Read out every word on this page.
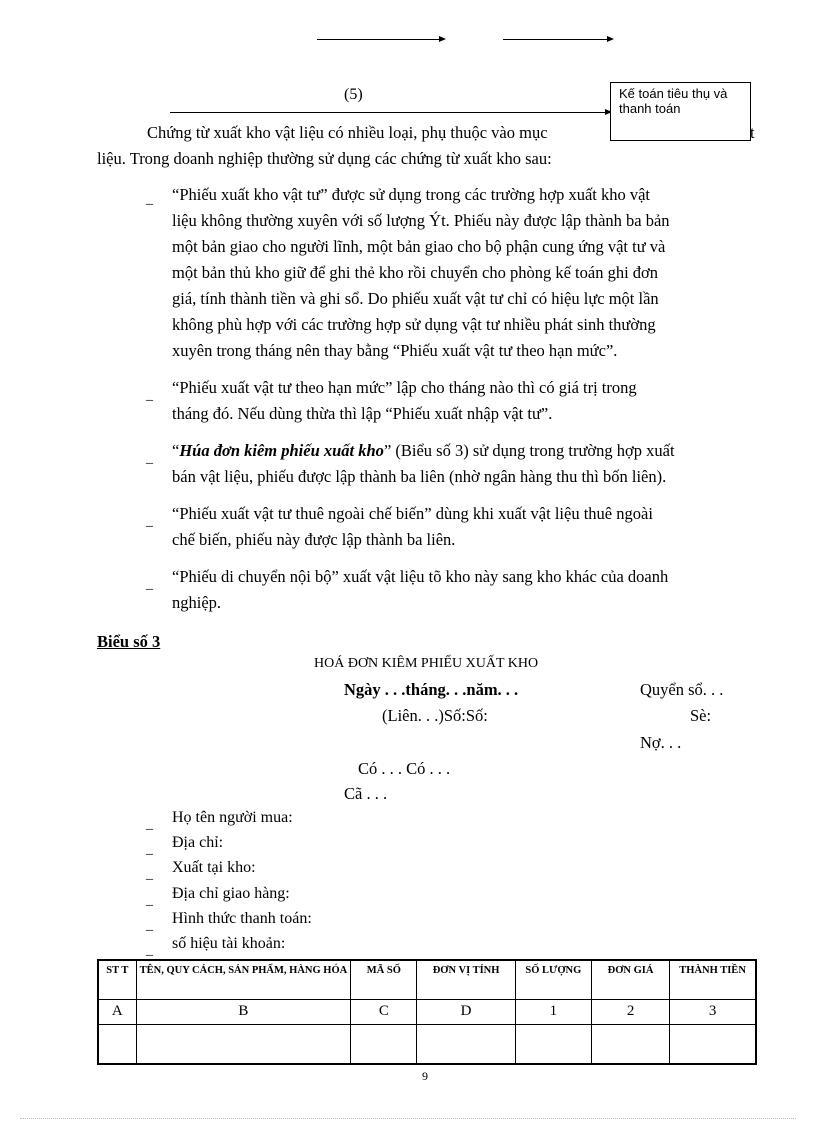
(5)	Kế toán tiêu thụ và thanh toán
Chứng từ xuất kho vật liệu có nhiều loại, phụ thuộc vào mục	t
liệu. Trong doanh nghiệp thường sử dụng các chứng từ xuất kho sau:
_ “Phiếu xuất kho vật tư” được sử dụng trong các trường hợp xuất kho vật
liệu không thường xuyên với số lượng Ýt. Phiếu này được lập thành ba bản
một bản giao cho người lĩnh, một bản giao cho bộ phận cung ứng vật tư và
một bản thủ kho giữ để ghi thẻ kho rồi chuyển cho phòng kế toán ghi đơn
giá, tính thành tiền và ghi sổ. Do phiếu xuất vật tư chỉ có hiệu lực một lần
không phù hợp với các trường hợp sử dụng vật tư nhiều phát sinh thường
xuyên trong tháng nên thay bằng “Phiếu xuất vật tư theo hạn mức”.
_ “Phiếu xuất vật tư theo hạn mức” lập cho tháng nào thì có giá trị trong
tháng đó. Nếu dùng thừa thì lập “Phiếu xuất nhập vật tư”.
_ “Húa đơn kiêm phiếu xuất kho” (Biểu số 3) sử dụng trong trường hợp xuất
bán vật liệu, phiếu được lập thành ba liên (nhờ ngân hàng thu thì bốn liên).
_ “Phiếu xuất vật tư thuê ngoài chế biến” dùng khi xuất vật liệu thuê ngoài
chế biến, phiếu này được lập thành ba liên.
_ “Phiếu di chuyển nội bộ” xuất vật liệu tõ kho này sang kho khác của doanh
nghiệp.
Biểu số 3
HOÁ ĐƠN KIÊM PHIẾU XUẤT KHO
Ngày . . .tháng. . .năm. . .	Quyển sổ. . .
(Liên. . .)Số:Số:	Sè:
Nợ. . .
Có . . . Có . . .
Cã . . .
_ Họ tên người mua:
_ Địa chỉ:
_ Xuất tại kho:
_ Địa chỉ giao hàng:
_ Hình thức thanh toán:
_ số hiệu tài khoản:
ST T	TÊN, QUY CÁCH, SẢN PHẨM, HÀNG HÓA	MÃ SỐ	ĐƠN VỊ TÍNH	SỐ LƯỢNG	ĐƠN GIÁ	THÀNH TIỀN
A	B	C	D	1	2	3

9
